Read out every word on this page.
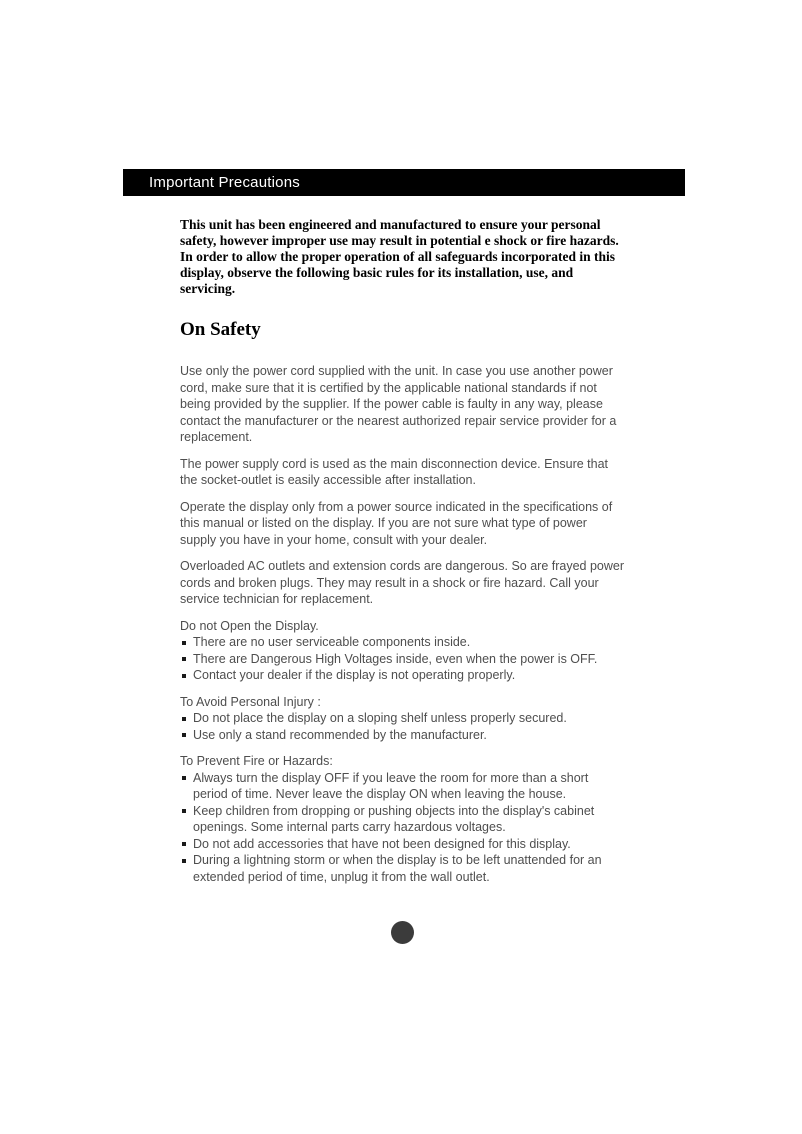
Important Precautions

This unit has been engineered and manufactured to ensure your personal safety, however improper use may result in potential e shock or fire hazards. In order to allow the proper operation of all safeguards incorporated in this display, observe the following basic rules for its installation, use, and servicing.

On Safety

Use only the power cord supplied with the unit. In case you use another power cord, make sure that it is certified by the applicable national standards if not being provided by the supplier. If the power cable is faulty in any way, please contact the manufacturer or the nearest authorized repair service provider for a replacement.

The power supply cord is used as the main disconnection device. Ensure that the socket-outlet is easily accessible after installation.

Operate the display only from a power source indicated in the specifications of this manual or listed on the display. If you are not sure what type of power supply you have in your home, consult with your dealer.

Overloaded AC outlets and extension cords are dangerous. So are frayed power cords and broken plugs. They may result in a shock or fire hazard. Call your service technician for replacement.

Do not Open the Display.

There are no user serviceable components inside.
There are Dangerous High Voltages inside, even when the power is OFF.
Contact your dealer if the display is not operating properly.

To Avoid Personal Injury :

Do not place the display on a sloping shelf unless properly secured.
Use only a stand recommended by the manufacturer.

To Prevent Fire or Hazards:

Always turn the display OFF if you leave the room for more than a short period of time. Never leave the display ON when leaving the house.
Keep children from dropping or pushing objects into the display's cabinet openings. Some internal parts carry hazardous voltages.
Do not add accessories that have not been designed for this display.
During a lightning storm or when the display is to be left unattended for an extended period of time, unplug it from the wall outlet.
